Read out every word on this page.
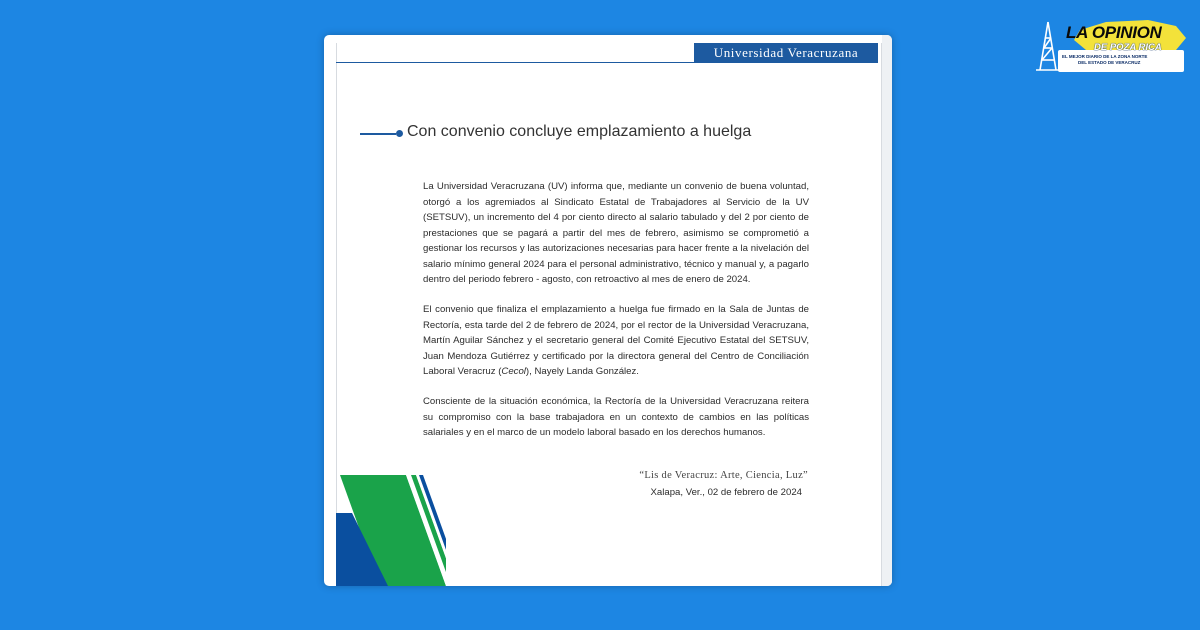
Universidad Veracruzana
Con convenio concluye emplazamiento a huelga

La Universidad Veracruzana (UV) informa que, mediante un convenio de buena voluntad, otorgó a los agremiados al Sindicato Estatal de Trabajadores al Servicio de la UV (SETSUV), un incremento del 4 por ciento directo al salario tabulado y del 2 por ciento de prestaciones que se pagará a partir del mes de febrero, asimismo se comprometió a gestionar los recursos y las autorizaciones necesarias para hacer frente a la nivelación del salario mínimo general 2024 para el personal administrativo, técnico y manual y, a pagarlo dentro del periodo febrero - agosto, con retroactivo al mes de enero de 2024.

El convenio que finaliza el emplazamiento a huelga fue firmado en la Sala de Juntas de Rectoría, esta tarde del 2 de febrero de 2024, por el rector de la Universidad Veracruzana, Martín Aguilar Sánchez y el secretario general del Comité Ejecutivo Estatal del SETSUV, Juan Mendoza Gutiérrez y certificado por la directora general del Centro de Conciliación Laboral Veracruz (Cecol), Nayely Landa González.

Consciente de la situación económica, la Rectoría de la Universidad Veracruzana reitera su compromiso con la base trabajadora en un contexto de cambios en las políticas salariales y en el marco de un modelo laboral basado en los derechos humanos.

“Lis de Veracruz: Arte, Ciencia, Luz”
Xalapa, Ver., 02 de febrero de 2024
LA OPINION
DE POZA RICA
EL MEJOR DIARIO DE LA ZONA NORTE
DEL ESTADO DE VERACRUZ
